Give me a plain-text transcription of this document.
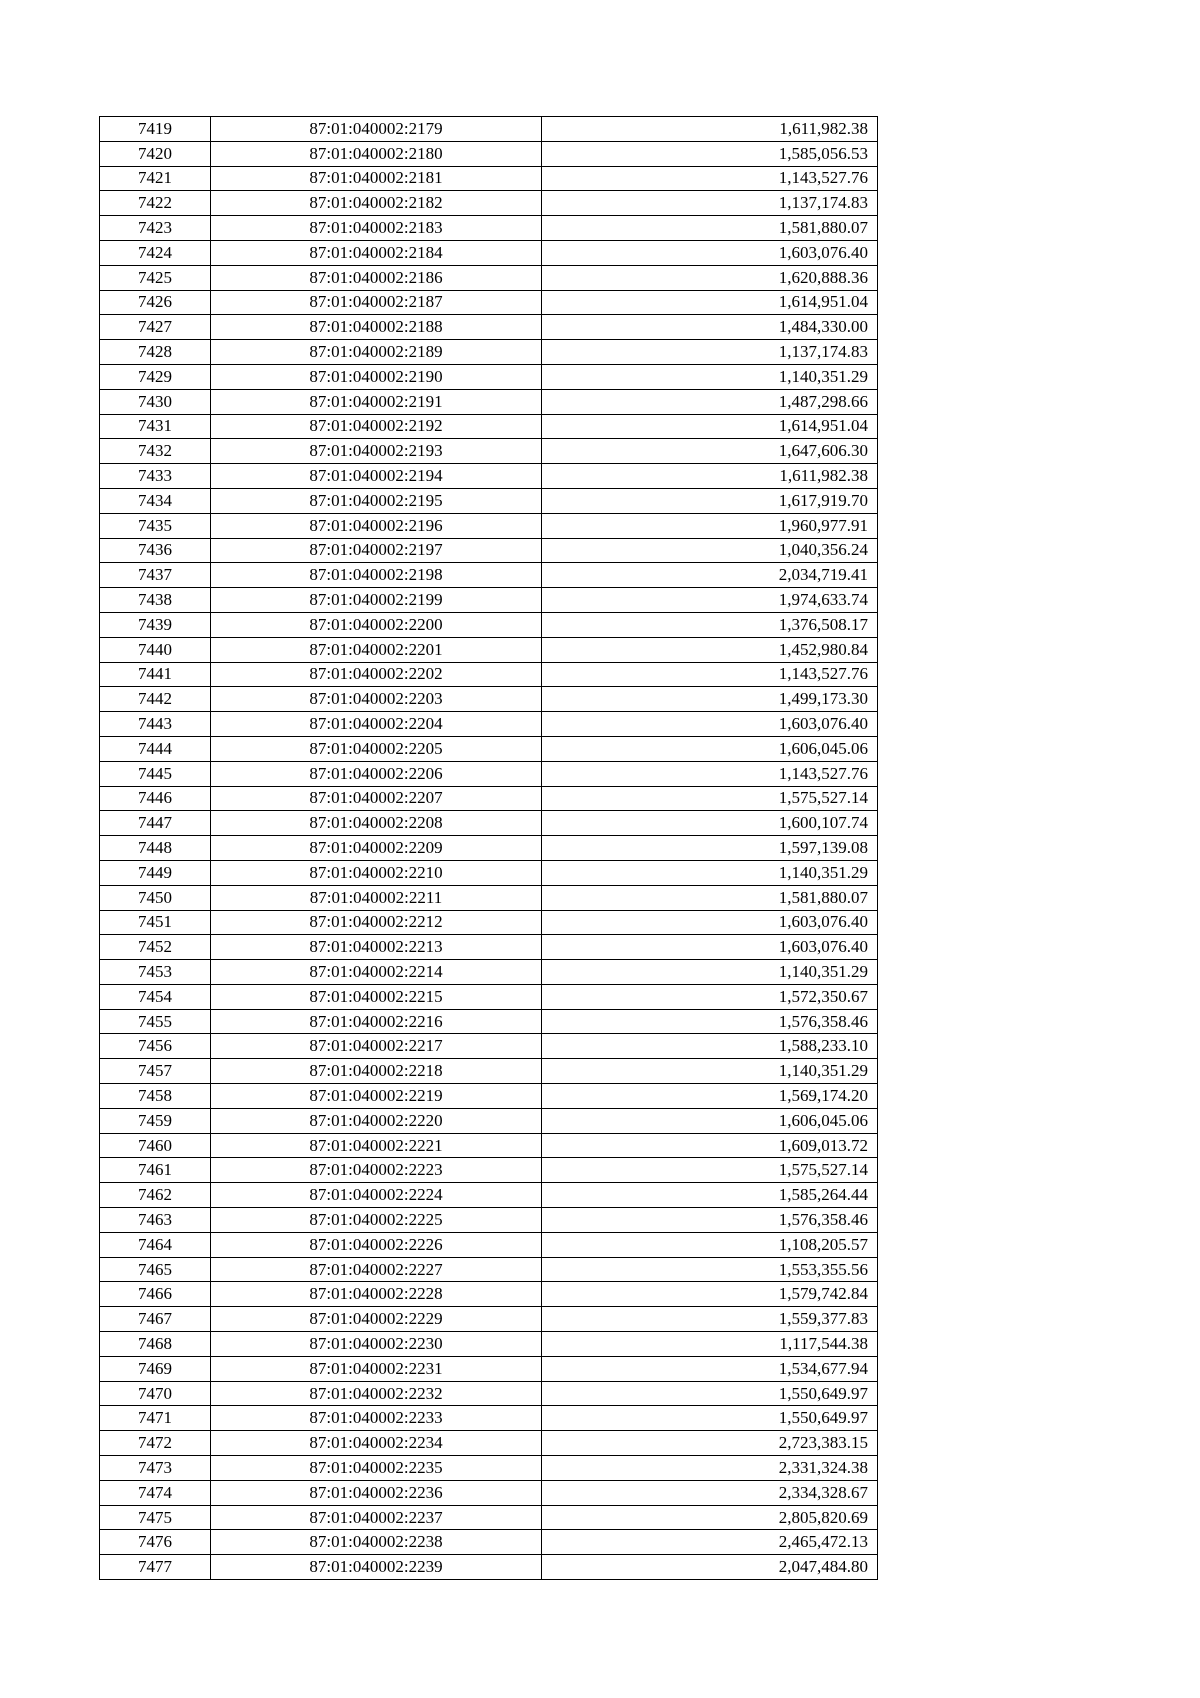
7419	87:01:040002:2179	1,611,982.38
7420	87:01:040002:2180	1,585,056.53
7421	87:01:040002:2181	1,143,527.76
7422	87:01:040002:2182	1,137,174.83
7423	87:01:040002:2183	1,581,880.07
7424	87:01:040002:2184	1,603,076.40
7425	87:01:040002:2186	1,620,888.36
7426	87:01:040002:2187	1,614,951.04
7427	87:01:040002:2188	1,484,330.00
7428	87:01:040002:2189	1,137,174.83
7429	87:01:040002:2190	1,140,351.29
7430	87:01:040002:2191	1,487,298.66
7431	87:01:040002:2192	1,614,951.04
7432	87:01:040002:2193	1,647,606.30
7433	87:01:040002:2194	1,611,982.38
7434	87:01:040002:2195	1,617,919.70
7435	87:01:040002:2196	1,960,977.91
7436	87:01:040002:2197	1,040,356.24
7437	87:01:040002:2198	2,034,719.41
7438	87:01:040002:2199	1,974,633.74
7439	87:01:040002:2200	1,376,508.17
7440	87:01:040002:2201	1,452,980.84
7441	87:01:040002:2202	1,143,527.76
7442	87:01:040002:2203	1,499,173.30
7443	87:01:040002:2204	1,603,076.40
7444	87:01:040002:2205	1,606,045.06
7445	87:01:040002:2206	1,143,527.76
7446	87:01:040002:2207	1,575,527.14
7447	87:01:040002:2208	1,600,107.74
7448	87:01:040002:2209	1,597,139.08
7449	87:01:040002:2210	1,140,351.29
7450	87:01:040002:2211	1,581,880.07
7451	87:01:040002:2212	1,603,076.40
7452	87:01:040002:2213	1,603,076.40
7453	87:01:040002:2214	1,140,351.29
7454	87:01:040002:2215	1,572,350.67
7455	87:01:040002:2216	1,576,358.46
7456	87:01:040002:2217	1,588,233.10
7457	87:01:040002:2218	1,140,351.29
7458	87:01:040002:2219	1,569,174.20
7459	87:01:040002:2220	1,606,045.06
7460	87:01:040002:2221	1,609,013.72
7461	87:01:040002:2223	1,575,527.14
7462	87:01:040002:2224	1,585,264.44
7463	87:01:040002:2225	1,576,358.46
7464	87:01:040002:2226	1,108,205.57
7465	87:01:040002:2227	1,553,355.56
7466	87:01:040002:2228	1,579,742.84
7467	87:01:040002:2229	1,559,377.83
7468	87:01:040002:2230	1,117,544.38
7469	87:01:040002:2231	1,534,677.94
7470	87:01:040002:2232	1,550,649.97
7471	87:01:040002:2233	1,550,649.97
7472	87:01:040002:2234	2,723,383.15
7473	87:01:040002:2235	2,331,324.38
7474	87:01:040002:2236	2,334,328.67
7475	87:01:040002:2237	2,805,820.69
7476	87:01:040002:2238	2,465,472.13
7477	87:01:040002:2239	2,047,484.80
